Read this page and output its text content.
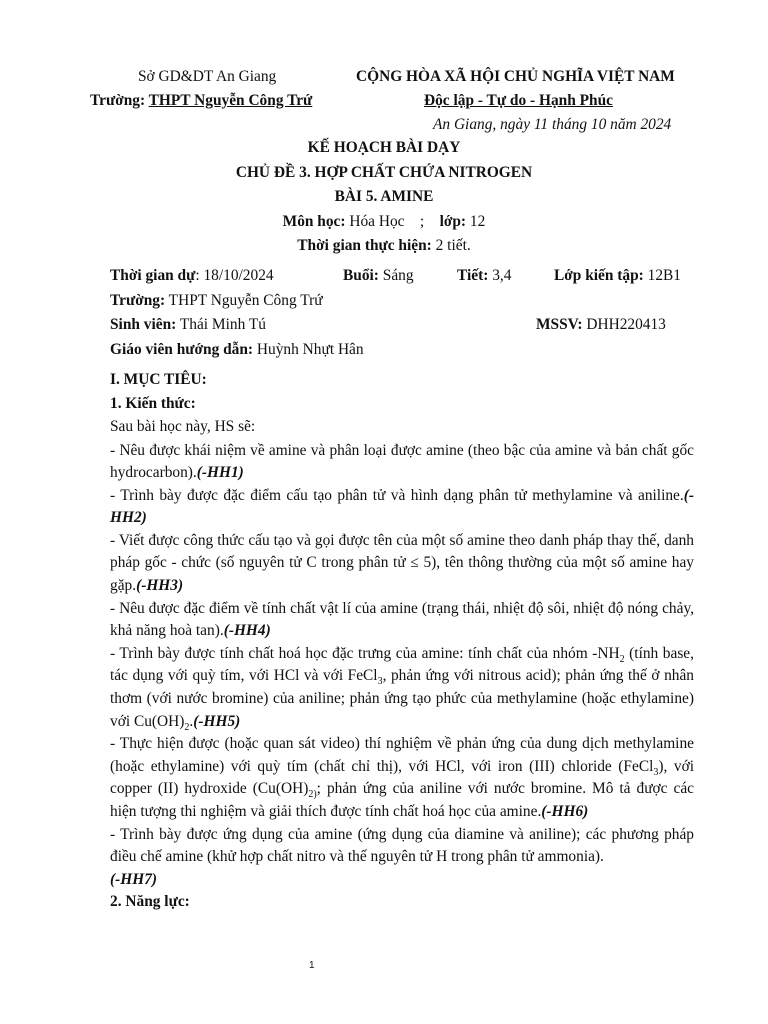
Sở GD&DT An Giang	CỘNG HÒA XÃ HỘI CHỦ NGHĨA VIỆT NAM
Trường: THPT Nguyễn Công Trứ	Độc lập - Tự do - Hạnh Phúc
An Giang, ngày 11 tháng 10 năm 2024
KẾ HOẠCH BÀI DẠY
CHỦ ĐỀ 3. HỢP CHẤT CHỨA NITROGEN
BÀI 5. AMINE
Môn học: Hóa Học ; lớp: 12
Thời gian thực hiện: 2 tiết.
Thời gian dự: 18/10/2024	Buổi: Sáng	Tiết: 3,4	Lớp kiến tập: 12B1
Trường: THPT Nguyễn Công Trứ
Sinh viên: Thái Minh Tú	MSSV: DHH220413
Giáo viên hướng dẫn: Huỳnh Nhựt Hân

I. MỤC TIÊU:

1. Kiến thức:

Sau bài học này, HS sẽ:

- Nêu được khái niệm về amine và phân loại được amine (theo bậc của amine và bản chất gốc hydrocarbon).(-HH1)

- Trình bày được đặc điểm cấu tạo phân tử và hình dạng phân tử methylamine và aniline.(-HH2)

- Viết được công thức cấu tạo và gọi được tên của một số amine theo danh pháp thay thế, danh pháp gốc - chức (số nguyên tử C trong phân tử ≤ 5), tên thông thường của một số amine hay gặp.(-HH3)

- Nêu được đặc điểm về tính chất vật lí của amine (trạng thái, nhiệt độ sôi, nhiệt độ nóng chảy, khả năng hoà tan).(-HH4)

- Trình bày được tính chất hoá học đặc trưng của amine: tính chất của nhóm $-NH_2$ (tính base, tác dụng với quỳ tím, với HCl và với FeCl$_3$, phản ứng với nitrous acid); phản ứng thế ở nhân thơm (với nước bromine) của aniline; phản ứng tạo phức của methylamine (hoặc ethylamine) với $Cu(OH)_2.(-HH5)$

- Thực hiện được (hoặc quan sát video) thí nghiệm về phản ứng của dung dịch methylamine (hoặc ethylamine) với quỳ tím (chất chỉ thị), với HCl, với iron (III) chloride (FeCl$_3$), với copper (II) hydroxide ($Cu(OH)_{2)}$; phản ứng của aniline với nước bromine. Mô tả được các hiện tượng thi nghiệm và giải thích được tính chất hoá học của amine.(-HH6)

- Trình bày được ứng dụng của amine (ứng dụng của diamine và aniline); các phương pháp điều chế amine (khử hợp chất nitro và thế nguyên tử H trong phân tử ammonia).
(-HH7)

2. Năng lực:

1
